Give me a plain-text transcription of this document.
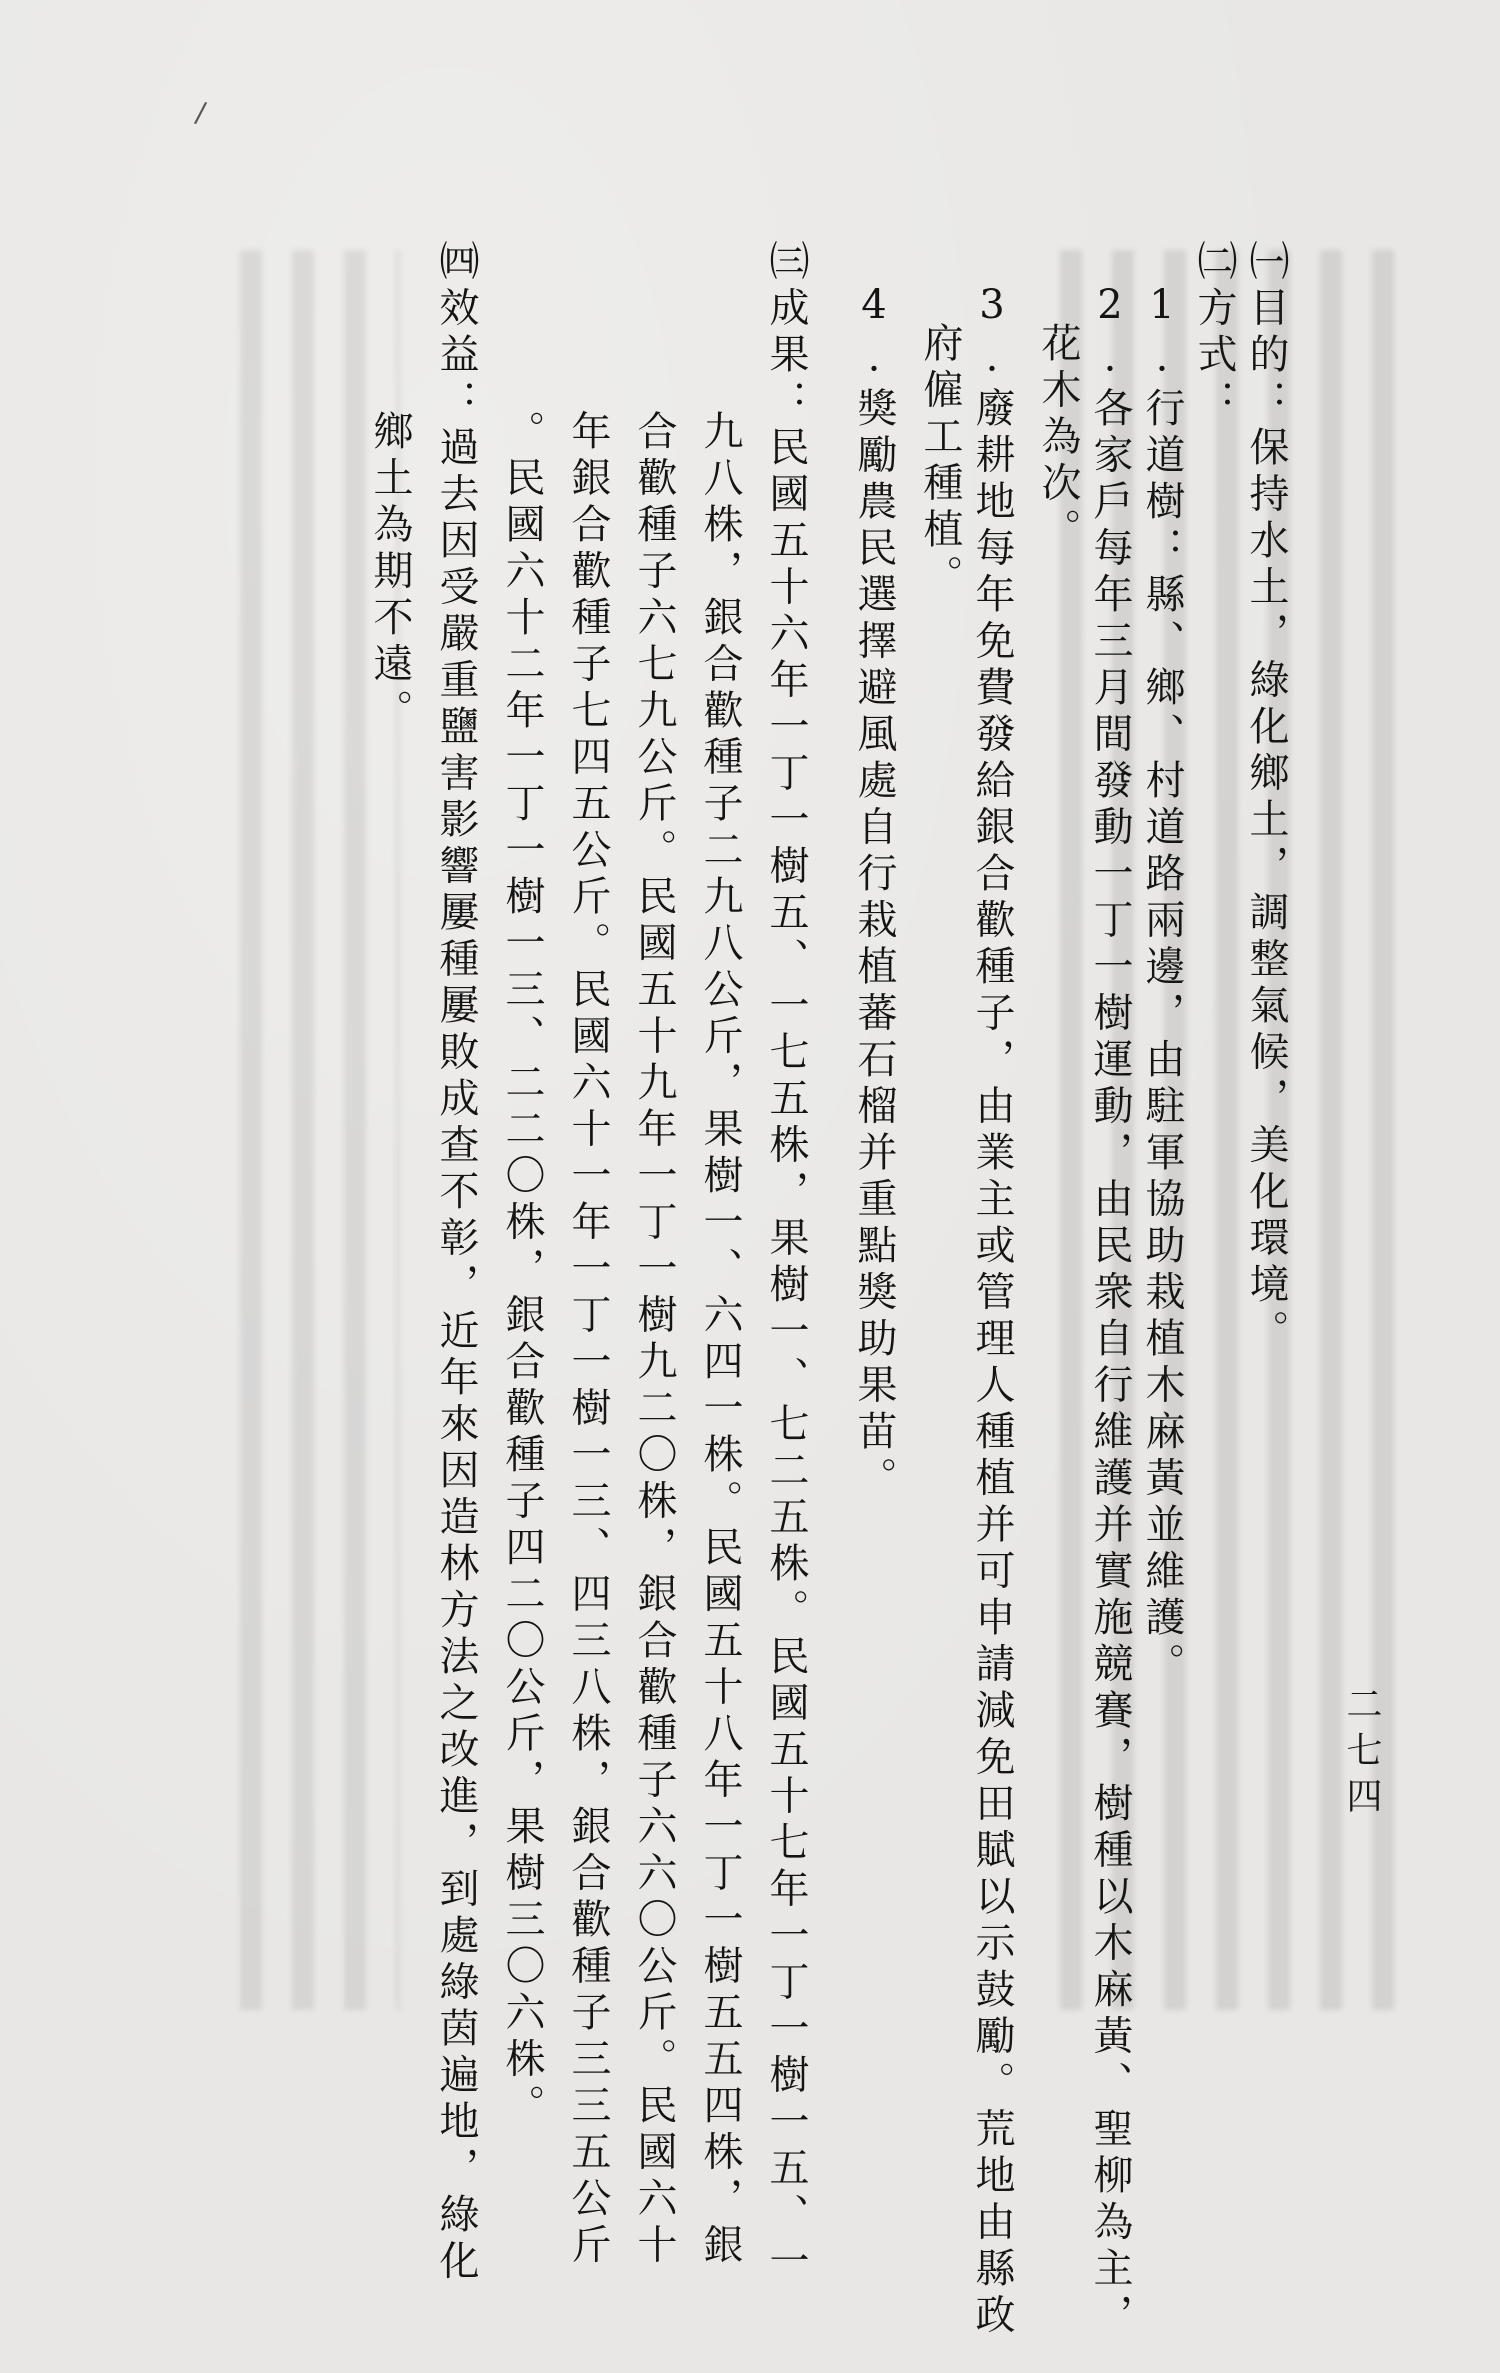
/
㈠目的：保持水土，綠化鄉土，調整氣候，美化環境。
㈡方式：
1.行道樹：縣、鄉、村道路兩邊，由駐軍協助栽植木麻黃並維護。
2.各家戶每年三月間發動一丁一樹運動，由民衆自行維護并實施競賽，樹種以木麻黃、聖柳為主，
花木為次。
3.廢耕地每年免費發給銀合歡種子，由業主或管理人種植并可申請減免田賦以示鼓勵。荒地由縣政
府僱工種植。
4.獎勵農民選擇避風處自行栽植蕃石榴并重點獎助果苗。
㈢成果：民國五十六年一丁一樹五、一七五株，果樹一、七二五株。民國五十七年一丁一樹一五、一
九八株，銀合歡種子二九八公斤，果樹一、六四一株。民國五十八年一丁一樹五五四株，銀
合歡種子六七九公斤。民國五十九年一丁一樹九二〇株，銀合歡種子六六〇公斤。民國六十
年銀合歡種子七四五公斤。民國六十一年一丁一樹一三、四三八株，銀合歡種子三三五公斤
。民國六十二年一丁一樹一三、二二〇株，銀合歡種子四二〇公斤，果樹三〇六株。
㈣效益：過去因受嚴重鹽害影響屢種屢敗成查不彰，近年來因造林方法之改進，到處綠茵遍地，綠化
鄉土為期不遠。
二七四
